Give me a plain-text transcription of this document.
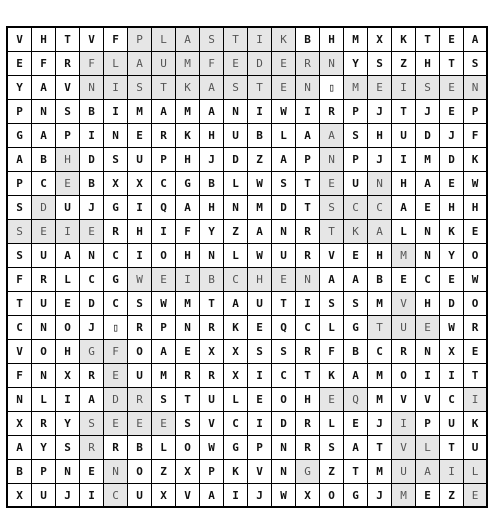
V	H	T	V	F	P	L	A	S	T	I	K	B	H	M	X	K	T	E	A
E	F	R	F	L	A	U	M	F	E	D	E	R	N	Y	S	Z	H	T	S
Y	A	V	N	I	S	T	K	A	S	T	E	N	▯	M	E	I	S	E	N
P	N	S	B	I	M	A	M	A	N	I	W	I	R	P	J	T	J	E	P
G	A	P	I	N	E	R	K	H	U	B	L	A	A	S	H	U	D	J	F
A	B	H	D	S	U	P	H	J	D	Z	A	P	N	P	J	I	M	D	K
P	C	E	B	X	X	C	G	B	L	W	S	T	E	U	N	H	A	E	W
S	D	U	J	G	I	Q	A	H	N	M	D	T	S	C	C	A	E	H	H
S	E	I	E	R	H	I	F	Y	Z	A	N	R	T	K	A	L	N	K	E
S	U	A	N	C	I	O	H	N	L	W	U	R	V	E	H	M	N	Y	O
F	R	L	C	G	W	E	I	B	C	H	E	N	A	A	B	E	C	E	W
T	U	E	D	C	S	W	M	T	A	U	T	I	S	S	M	V	H	D	O
C	N	O	J	▯	R	P	N	R	K	E	Q	C	L	G	T	U	E	W	R
V	O	H	G	F	O	A	E	X	X	S	S	R	F	B	C	R	N	X	E
F	N	X	R	E	U	M	R	R	X	I	C	T	K	A	M	O	I	I	T
N	L	I	A	D	R	S	T	U	L	E	O	H	E	Q	M	V	V	C	I
X	R	Y	S	E	E	E	S	V	C	I	D	R	L	E	J	I	P	U	K
A	Y	S	R	R	B	L	O	W	G	P	N	R	S	A	T	V	L	T	U
B	P	N	E	N	O	Z	X	P	K	V	N	G	Z	T	M	U	A	I	L
X	U	J	I	C	U	X	V	A	I	J	W	X	O	G	J	M	E	Z	E
